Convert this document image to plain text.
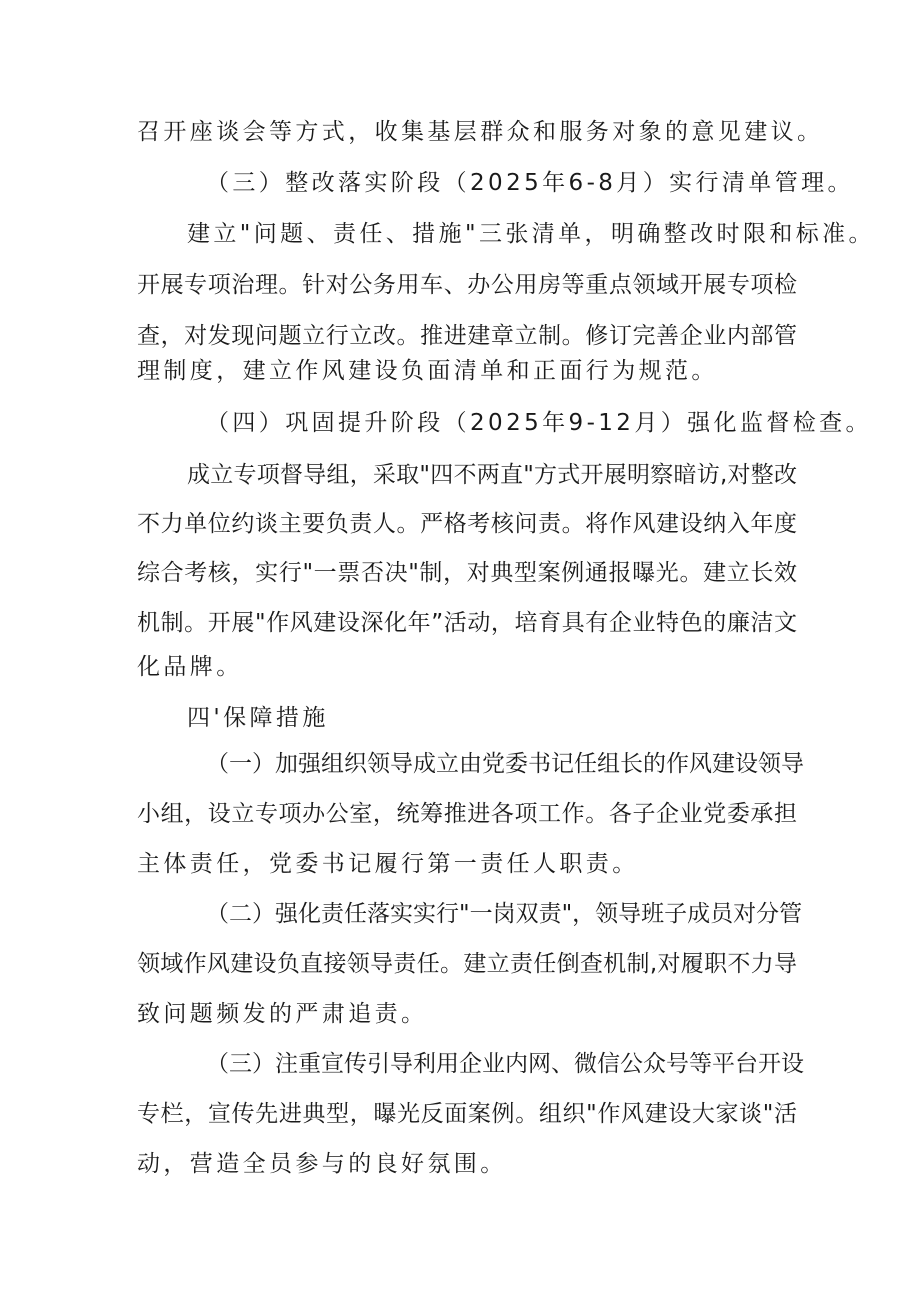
召开座谈会等方式，收集基层群众和服务对象的意见建议。
（三）整改落实阶段（2025年6-8月）实行清单管理。
建立"问题、责任、措施"三张清单，明确整改时限和标准。
开展专项治理。针对公务用车、办公用房等重点领域开展专项检
查，对发现问题立行立改。推进建章立制。修订完善企业内部管
理制度，建立作风建设负面清单和正面行为规范。
（四）巩固提升阶段（2025年9-12月）强化监督检查。
成立专项督导组，采取"四不两直"方式开展明察暗访,对整改
不力单位约谈主要负责人。严格考核问责。将作风建设纳入年度
综合考核，实行"一票否决"制，对典型案例通报曝光。建立长效
机制。开展"作风建设深化年”活动，培育具有企业特色的廉洁文
化品牌。
四'保障措施
（一）加强组织领导成立由党委书记任组长的作风建设领导
小组，设立专项办公室，统筹推进各项工作。各子企业党委承担
主体责任，党委书记履行第一责任人职责。
（二）强化责任落实实行"一岗双责"，领导班子成员对分管
领域作风建设负直接领导责任。建立责任倒查机制,对履职不力导
致问题频发的严肃追责。
（三）注重宣传引导利用企业内网、微信公众号等平台开设
专栏，宣传先进典型，曝光反面案例。组织"作风建设大家谈"活
动，营造全员参与的良好氛围。
